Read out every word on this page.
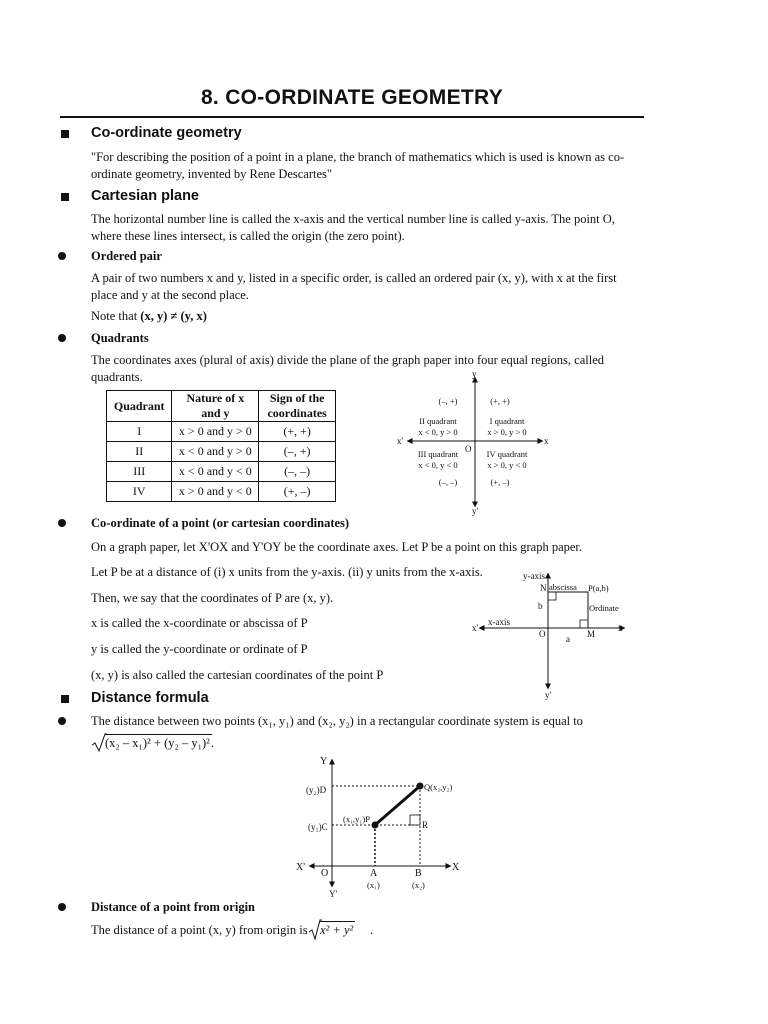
8. CO-ORDINATE GEOMETRY
Co-ordinate geometry
"For describing the position of a point in a plane, the branch of mathematics which is used is known as co-ordinate geometry, invented by Rene Descartes"
Cartesian plane
The horizontal number line is called the x-axis and the vertical number line is called y-axis. The point O, where these lines intersect, is called the origin (the zero point).
Ordered pair
A pair of two numbers x and y, listed in a specific order, is called an ordered pair (x, y), with x at the first place and y at the second place.
Note that (x, y) ≠ (y, x)
Quadrants
The coordinates axes (plural of axis) divide the plane of the graph paper into four equal regions, called quadrants.
Quadrant	Nature of x and y	Sign of the coordinates
I	x > 0 and y > 0	(+, +)
II	x < 0 and y > 0	(–, +)
III	x < 0 and y < 0	(–, –)
IV	x > 0 and y < 0	(+, –)
y
y'
x
x'
O
(–, +)	(+, +)
II quadrant
x < 0, y > 0
I quadrant
x > 0, y > 0
III quadrant
x < 0, y < 0
IV quadrant
x > 0, y < 0
(–, –)	(+, –)
Co-ordinate of a point (or cartesian coordinates)
On a graph paper, let X'OX and Y'OY be the coordinate axes. Let P be a point on this graph paper.
Let P be at a distance of (i) x units from the y-axis. (ii) y units from the x-axis.
Then, we say that the coordinates of P are (x, y).
x is called the x-coordinate or abscissa of P
y is called the y-coordinate or ordinate of P
(x, y) is also called the cartesian coordinates of the point P
y-axis
N abscissa P(a,b)
Ordinate
b
x'
x-axis
O	M
x
a
y'
Distance formula
The distance between two points (x₁, y₁) and (x₂, y₂) in a rectangular coordinate system is equal to
(x₂ – x₁)² + (y₂ – y₁)² .
Y
Y'
X
X'
O
(y₂)D
(y₁)C
Q(x₂,y₂)
(x₁,y₁)P
R
A	B
(x₁)	(x₂)
Distance of a point from origin
The distance of a point (x, y) from origin is x² + y² .
